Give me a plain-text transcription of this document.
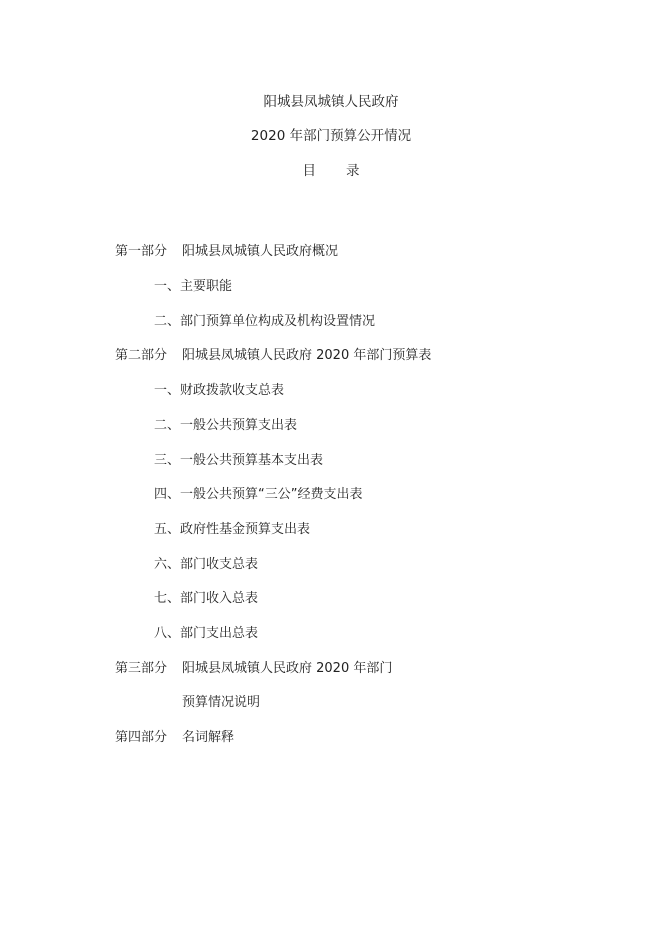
阳城县凤城镇人民政府
2020 年部门预算公开情况
目 录
第一部分 阳城县凤城镇人民政府概况
一、主要职能
二、部门预算单位构成及机构设置情况
第二部分 阳城县凤城镇人民政府 2020 年部门预算表
一、财政拨款收支总表
二、一般公共预算支出表
三、一般公共预算基本支出表
四、一般公共预算“三公”经费支出表
五、政府性基金预算支出表
六、部门收支总表
七、部门收入总表
八、部门支出总表
第三部分 阳城县凤城镇人民政府 2020 年部门
预算情况说明
第四部分 名词解释
